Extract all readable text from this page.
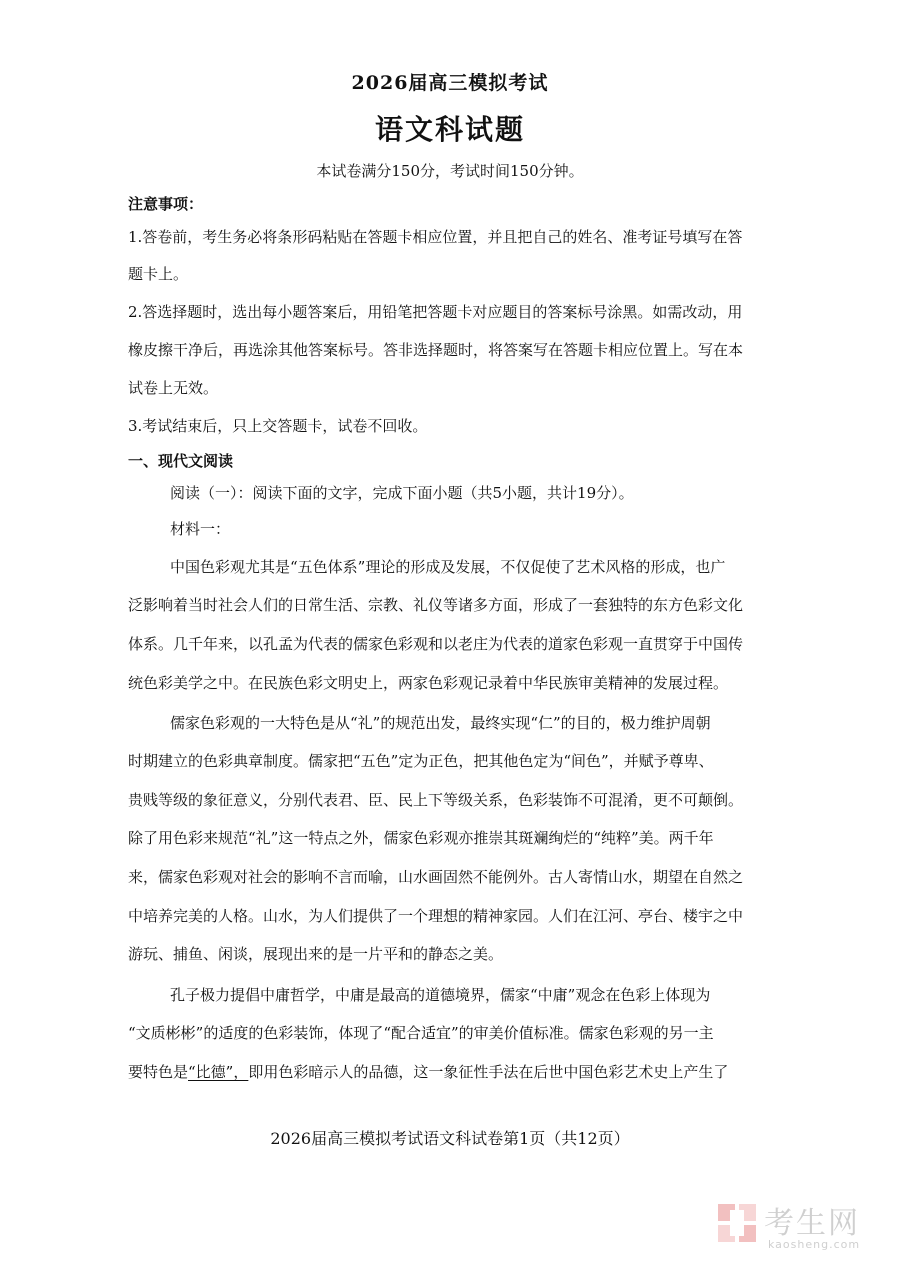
2026届高三模拟考试
语文科试题
本试卷满分150分，考试时间150分钟。
注意事项：
1.答卷前，考生务必将条形码粘贴在答题卡相应位置，并且把自己的姓名、准考证号填写在答
题卡上。
2.答选择题时，选出每小题答案后，用铅笔把答题卡对应题目的答案标号涂黑。如需改动，用
橡皮擦干净后，再选涂其他答案标号。答非选择题时，将答案写在答题卡相应位置上。写在本
试卷上无效。
3.考试结束后，只上交答题卡，试卷不回收。
一、现代文阅读
阅读（一）：阅读下面的文字，完成下面小题（共5小题，共计19分）。
材料一：
中国色彩观尤其是“五色体系”理论的形成及发展，不仅促使了艺术风格的形成，也广
泛影响着当时社会人们的日常生活、宗教、礼仪等诸多方面，形成了一套独特的东方色彩文化
体系。几千年来，以孔孟为代表的儒家色彩观和以老庄为代表的道家色彩观一直贯穿于中国传
统色彩美学之中。在民族色彩文明史上，两家色彩观记录着中华民族审美精神的发展过程。
儒家色彩观的一大特色是从“礼”的规范出发，最终实现“仁”的目的，极力维护周朝
时期建立的色彩典章制度。儒家把“五色”定为正色，把其他色定为“间色”，并赋予尊卑、
贵贱等级的象征意义，分别代表君、臣、民上下等级关系，色彩装饰不可混淆，更不可颠倒。
除了用色彩来规范“礼”这一特点之外，儒家色彩观亦推崇其斑斓绚烂的“纯粹”美。两千年
来，儒家色彩观对社会的影响不言而喻，山水画固然不能例外。古人寄情山水，期望在自然之
中培养完美的人格。山水，为人们提供了一个理想的精神家园。人们在江河、亭台、楼宇之中
游玩、捕鱼、闲谈，展现出来的是一片平和的静态之美。
孔子极力提倡中庸哲学，中庸是最高的道德境界，儒家“中庸”观念在色彩上体现为
“文质彬彬”的适度的色彩装饰，体现了“配合适宜”的审美价值标准。儒家色彩观的另一主
要特色是“比德”，即用色彩暗示人的品德，这一象征性手法在后世中国色彩艺术史上产生了
2026届高三模拟考试语文科试卷第1页（共12页）
考生网
kaosheng.com
